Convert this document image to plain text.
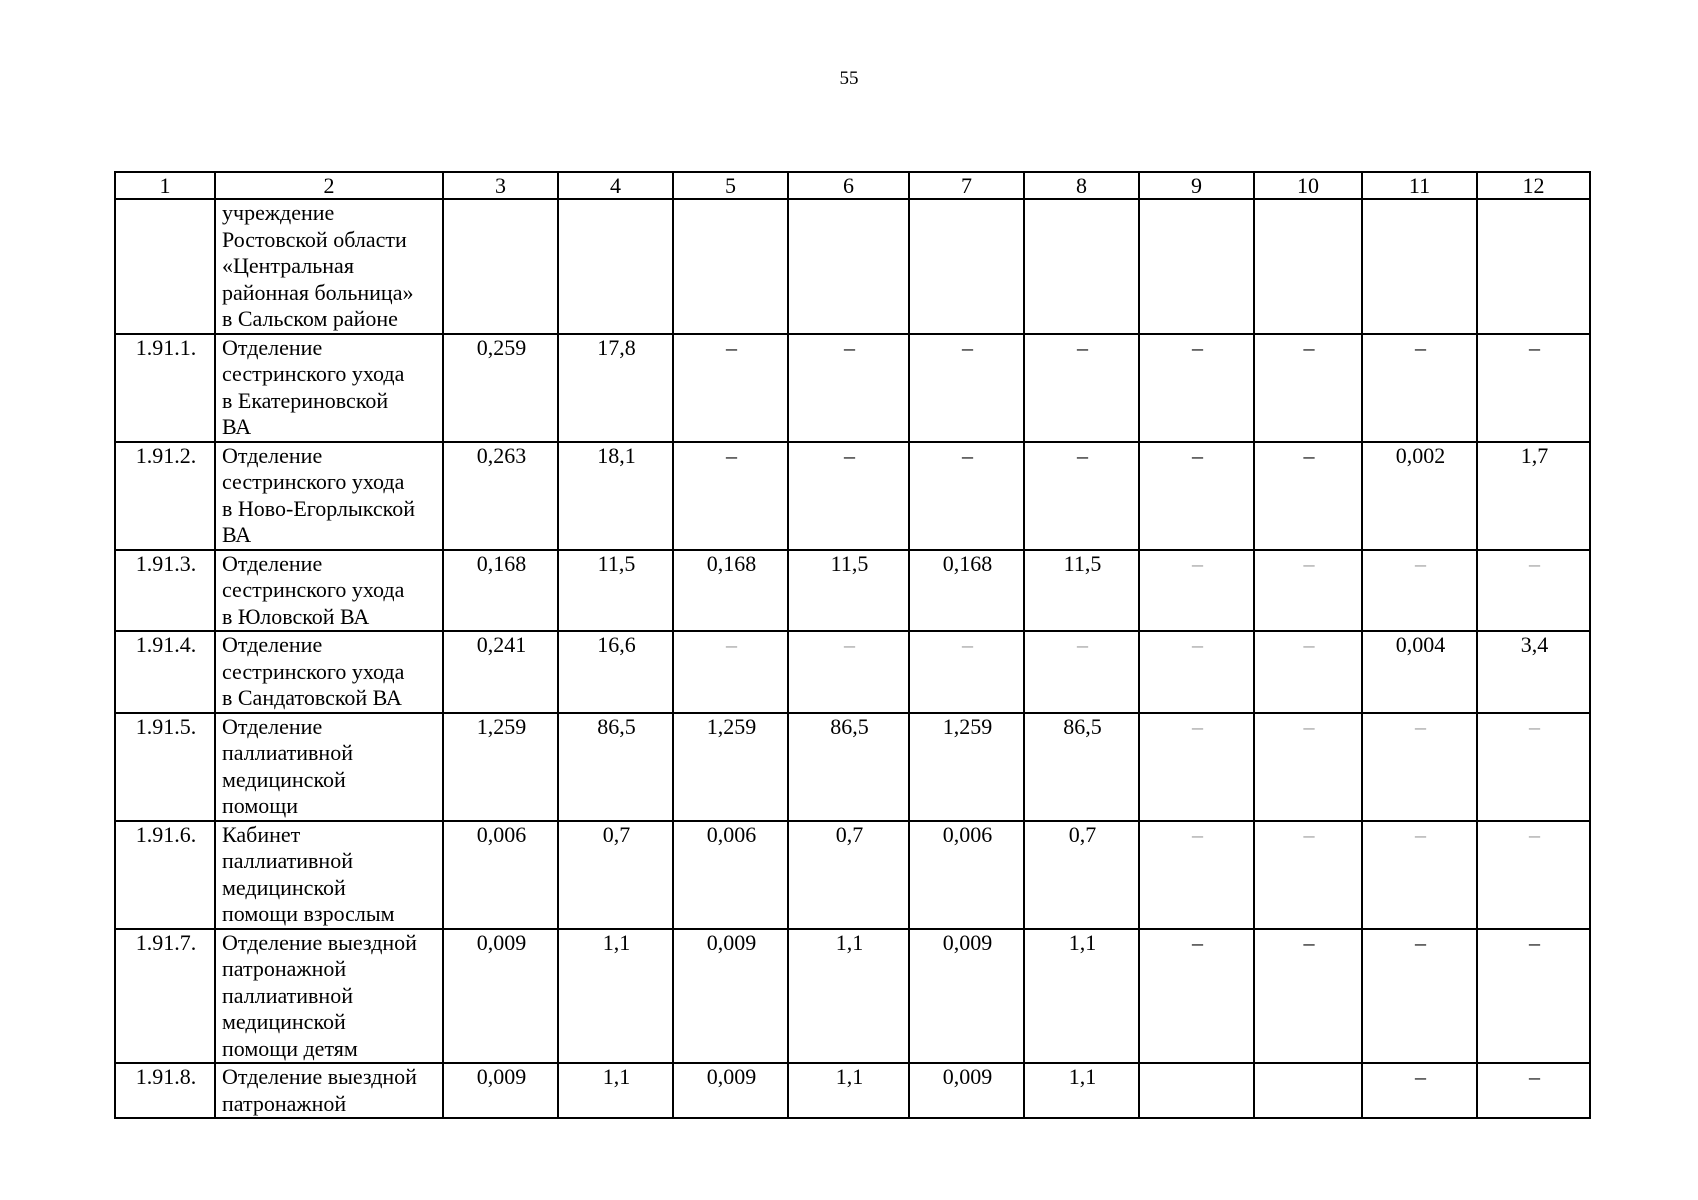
55
1	2	3	4	5	6	7	8	9	10	11	12

	учреждение
Ростовской области
«Центральная
районная больница»
в Сальском районе										

1.91.1.	Отделение
сестринского ухода
в Екатериновской
ВА	0,259	17,8	–	–	–	–	–	–	–	–
1.91.2.	Отделение
сестринского ухода
в Ново-Егорлыкской
ВА	0,263	18,1	–	–	–	–	–	–	0,002	1,7
1.91.3.	Отделение
сестринского ухода
в Юловской ВА	0,168	11,5	0,168	11,5	0,168	11,5	–	–	–	–
1.91.4.	Отделение
сестринского ухода
в Сандатовской ВА	0,241	16,6	–	–	–	–	–	–	0,004	3,4
1.91.5.	Отделение
паллиативной
медицинской
помощи	1,259	86,5	1,259	86,5	1,259	86,5	–	–	–	–
1.91.6.	Кабинет
паллиативной
медицинской
помощи взрослым	0,006	0,7	0,006	0,7	0,006	0,7	–	–	–	–
1.91.7.	Отделение выездной
патронажной
паллиативной
медицинской
помощи детям	0,009	1,1	0,009	1,1	0,009	1,1	–	–	–	–
1.91.8.	Отделение выездной
патронажной	0,009	1,1	0,009	1,1	0,009	1,1			–	–
